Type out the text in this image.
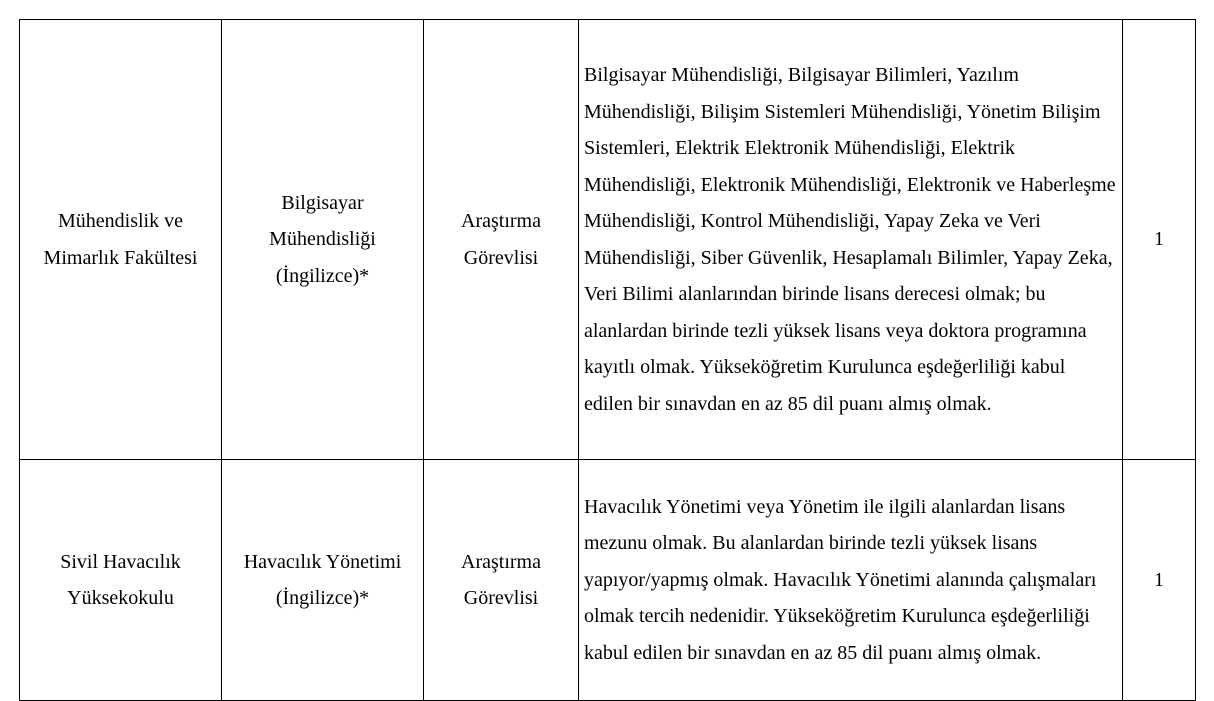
Mühendislik ve Mimarlık Fakültesi	Bilgisayar Mühendisliği (İngilizce)*	Araştırma Görevlisi	Bilgisayar Mühendisliği, Bilgisayar Bilimleri, Yazılım Mühendisliği, Bilişim Sistemleri Mühendisliği, Yönetim Bilişim Sistemleri, Elektrik Elektronik Mühendisliği, Elektrik Mühendisliği, Elektronik Mühendisliği, Elektronik ve Haberleşme Mühendisliği, Kontrol Mühendisliği, Yapay Zeka ve Veri Mühendisliği, Siber Güvenlik, Hesaplamalı Bilimler, Yapay Zeka, Veri Bilimi alanlarından birinde lisans derecesi olmak; bu alanlardan birinde tezli yüksek lisans veya doktora programına kayıtlı olmak. Yükseköğretim Kurulunca eşdeğerliliği kabul edilen bir sınavdan en az 85 dil puanı almış olmak.	1
Sivil Havacılık Yüksekokulu	Havacılık Yönetimi (İngilizce)*	Araştırma Görevlisi	Havacılık Yönetimi veya Yönetim ile ilgili alanlardan lisans mezunu olmak. Bu alanlardan birinde tezli yüksek lisans yapıyor/yapmış olmak. Havacılık Yönetimi alanında çalışmaları olmak tercih nedenidir. Yükseköğretim Kurulunca eşdeğerliliği kabul edilen bir sınavdan en az 85 dil puanı almış olmak.	1
